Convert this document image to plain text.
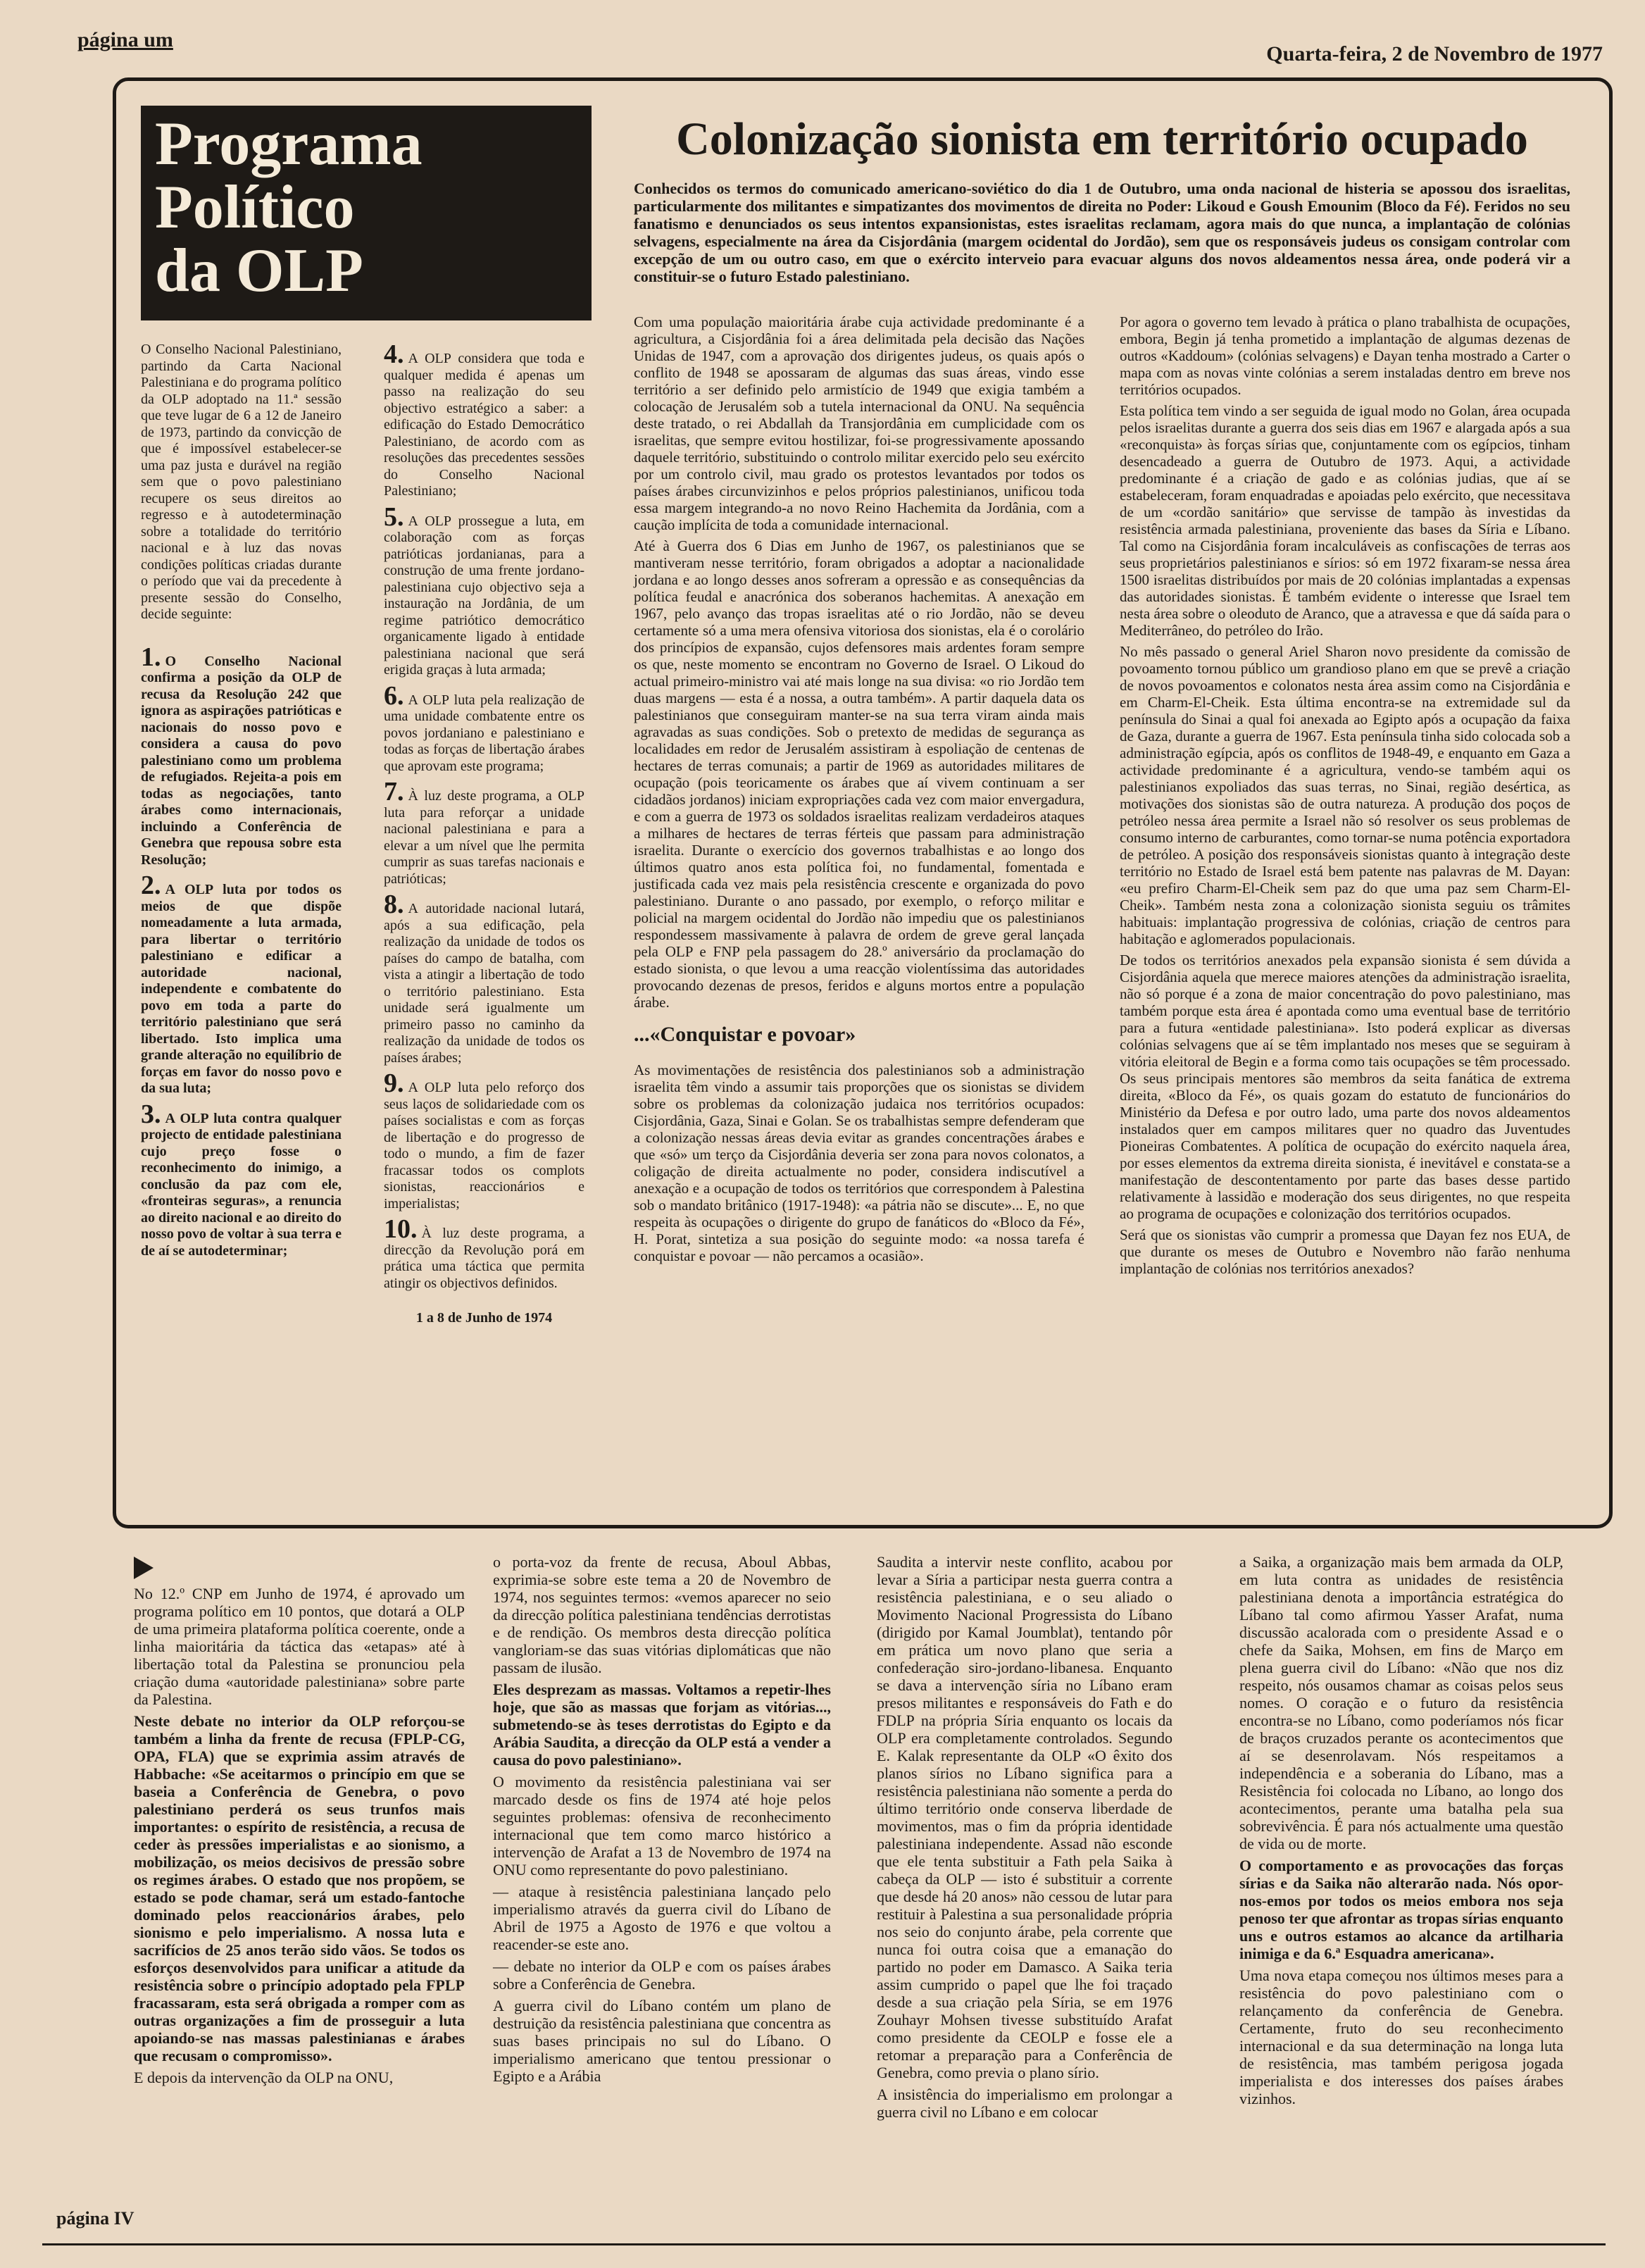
página um
Quarta-feira, 2 de Novembro de 1977
Programa
Político
da OLP
Colonização sionista em território ocupado
Conhecidos os termos do comunicado americano-soviético do dia 1 de Outubro, uma onda nacional de histeria se apossou dos israelitas, particularmente dos militantes e simpatizantes dos movimentos de direita no Poder: Likoud e Goush Emounim (Bloco da Fé). Feridos no seu fanatismo e denunciados os seus intentos expansionistas, estes israelitas reclamam, agora mais do que nunca, a implantação de colónias selvagens, especialmente na área da Cisjordânia (margem ocidental do Jordão), sem que os responsáveis judeus os consigam controlar com excepção de um ou outro caso, em que o exército interveio para evacuar alguns dos novos aldeamentos nessa área, onde poderá vir a constituir-se o futuro Estado palestiniano.

O Conselho Nacional Palestiniano, partindo da Carta Nacional Palestiniana e do programa político da OLP adoptado na 11.ª sessão que teve lugar de 6 a 12 de Janeiro de 1973, partindo da convicção de que é impossível estabelecer-se uma paz justa e durável na região sem que o povo palestiniano recupere os seus direitos ao regresso e à autodeterminação sobre a totalidade do território nacional e à luz das novas condições políticas criadas durante o período que vai da precedente à presente sessão do Conselho, decide seguinte:

1. O Conselho Nacional confirma a posição da OLP de recusa da Resolução 242 que ignora as aspirações patrióticas e nacionais do nosso povo e considera a causa do povo palestiniano como um problema de refugiados. Rejeita-a pois em todas as negociações, tanto árabes como internacionais, incluindo a Conferência de Genebra que repousa sobre esta Resolução;

2. A OLP luta por todos os meios de que dispõe nomeadamente a luta armada, para libertar o território palestiniano e edificar a autoridade nacional, independente e combatente do povo em toda a parte do território palestiniano que será libertado. Isto implica uma grande alteração no equilíbrio de forças em favor do nosso povo e da sua luta;

3. A OLP luta contra qualquer projecto de entidade palestiniana cujo preço fosse o reconhecimento do inimigo, a conclusão da paz com ele, «fronteiras seguras», a renuncia ao direito nacional e ao direito do nosso povo de voltar à sua terra e de aí se autodeterminar;

4. A OLP considera que toda e qualquer medida é apenas um passo na realização do seu objectivo estratégico a saber: a edificação do Estado Democrático Palestiniano, de acordo com as resoluções das precedentes sessões do Conselho Nacional Palestiniano;

5. A OLP prossegue a luta, em colaboração com as forças patrióticas jordanianas, para a construção de uma frente jordano-palestiniana cujo objectivo seja a instauração na Jordânia, de um regime patriótico democrático organicamente ligado à entidade palestiniana nacional que será erigida graças à luta armada;

6. A OLP luta pela realização de uma unidade combatente entre os povos jordaniano e palestiniano e todas as forças de libertação árabes que aprovam este programa;

7. À luz deste programa, a OLP luta para reforçar a unidade nacional palestiniana e para a elevar a um nível que lhe permita cumprir as suas tarefas nacionais e patrióticas;

8. A autoridade nacional lutará, após a sua edificação, pela realização da unidade de todos os países do campo de batalha, com vista a atingir a libertação de todo o território palestiniano. Esta unidade será igualmente um primeiro passo no caminho da realização da unidade de todos os países árabes;

9. A OLP luta pelo reforço dos seus laços de solidariedade com os países socialistas e com as forças de libertação e do progresso de todo o mundo, a fim de fazer fracassar todos os complots sionistas, reaccionários e imperialistas;

10. À luz deste programa, a direcção da Revolução porá em prática uma táctica que permita atingir os objectivos definidos.

1 a 8 de Junho de 1974

Com uma população maioritária árabe cuja actividade predominante é a agricultura, a Cisjordânia foi a área delimitada pela decisão das Nações Unidas de 1947, com a aprovação dos dirigentes judeus, os quais após o conflito de 1948 se apossaram de algumas das suas áreas, vindo esse território a ser definido pelo armistício de 1949 que exigia também a colocação de Jerusalém sob a tutela internacional da ONU. Na sequência deste tratado, o rei Abdallah da Transjordânia em cumplicidade com os israelitas, que sempre evitou hostilizar, foi-se progressivamente apossando daquele território, substituindo o controlo militar exercido pelo seu exército por um controlo civil, mau grado os protestos levantados por todos os países árabes circunvizinhos e pelos próprios palestinianos, unificou toda essa margem integrando-a no novo Reino Hachemita da Jordânia, com a caução implícita de toda a comunidade internacional.

Até à Guerra dos 6 Dias em Junho de 1967, os palestinianos que se mantiveram nesse território, foram obrigados a adoptar a nacionalidade jordana e ao longo desses anos sofreram a opressão e as consequências da política feudal e anacrónica dos soberanos hachemitas. A anexação em 1967, pelo avanço das tropas israelitas até o rio Jordão, não se deveu certamente só a uma mera ofensiva vitoriosa dos sionistas, ela é o corolário dos princípios de expansão, cujos defensores mais ardentes foram sempre os que, neste momento se encontram no Governo de Israel. O Likoud do actual primeiro-ministro vai até mais longe na sua divisa: «o rio Jordão tem duas margens — esta é a nossa, a outra também». A partir daquela data os palestinianos que conseguiram manter-se na sua terra viram ainda mais agravadas as suas condições. Sob o pretexto de medidas de segurança as localidades em redor de Jerusalém assistiram à espoliação de centenas de hectares de terras comunais; a partir de 1969 as autoridades militares de ocupação (pois teoricamente os árabes que aí vivem continuam a ser cidadãos jordanos) iniciam expropriações cada vez com maior envergadura, e com a guerra de 1973 os soldados israelitas realizam verdadeiros ataques a milhares de hectares de terras férteis que passam para administração israelita. Durante o exercício dos governos trabalhistas e ao longo dos últimos quatro anos esta política foi, no fundamental, fomentada e justificada cada vez mais pela resistência crescente e organizada do povo palestiniano. Durante o ano passado, por exemplo, o reforço militar e policial na margem ocidental do Jordão não impediu que os palestinianos respondessem massivamente à palavra de ordem de greve geral lançada pela OLP e FNP pela passagem do 28.º aniversário da proclamação do estado sionista, o que levou a uma reacção violentíssima das autoridades provocando dezenas de presos, feridos e alguns mortos entre a população árabe.

...«Conquistar e povoar»

As movimentações de resistência dos palestinianos sob a administração israelita têm vindo a assumir tais proporções que os sionistas se dividem sobre os problemas da colonização judaica nos territórios ocupados: Cisjordânia, Gaza, Sinai e Golan. Se os trabalhistas sempre defenderam que a colonização nessas áreas devia evitar as grandes concentrações árabes e que «só» um terço da Cisjordânia deveria ser zona para novos colonatos, a coligação de direita actualmente no poder, considera indiscutível a anexação e a ocupação de todos os territórios que correspondem à Palestina sob o mandato britânico (1917-1948): «a pátria não se discute»... E, no que respeita às ocupações o dirigente do grupo de fanáticos do «Bloco da Fé», H. Porat, sintetiza a sua posição do seguinte modo: «a nossa tarefa é conquistar e povoar — não percamos a ocasião».

Por agora o governo tem levado à prática o plano trabalhista de ocupações, embora, Begin já tenha prometido a implantação de algumas dezenas de outros «Kaddoum» (colónias selvagens) e Dayan tenha mostrado a Carter o mapa com as novas vinte colónias a serem instaladas dentro em breve nos territórios ocupados.

Esta política tem vindo a ser seguida de igual modo no Golan, área ocupada pelos israelitas durante a guerra dos seis dias em 1967 e alargada após a sua «reconquista» às forças sírias que, conjuntamente com os egípcios, tinham desencadeado a guerra de Outubro de 1973. Aqui, a actividade predominante é a criação de gado e as colónias judias, que aí se estabeleceram, foram enquadradas e apoiadas pelo exército, que necessitava de um «cordão sanitário» que servisse de tampão às investidas da resistência armada palestiniana, proveniente das bases da Síria e Líbano. Tal como na Cisjordânia foram incalculáveis as confiscações de terras aos seus proprietários palestinianos e sírios: só em 1972 fixaram-se nessa área 1500 israelitas distribuídos por mais de 20 colónias implantadas a expensas das autoridades sionistas. É também evidente o interesse que Israel tem nesta área sobre o oleoduto de Aranco, que a atravessa e que dá saída para o Mediterrâneo, do petróleo do Irão.

No mês passado o general Ariel Sharon novo presidente da comissão de povoamento tornou público um grandioso plano em que se prevê a criação de novos povoamentos e colonatos nesta área assim como na Cisjordânia e em Charm-El-Cheik. Esta última encontra-se na extremidade sul da península do Sinai a qual foi anexada ao Egipto após a ocupação da faixa de Gaza, durante a guerra de 1967. Esta península tinha sido colocada sob a administração egípcia, após os conflitos de 1948-49, e enquanto em Gaza a actividade predominante é a agricultura, vendo-se também aqui os palestinianos expoliados das suas terras, no Sinai, região desértica, as motivações dos sionistas são de outra natureza. A produção dos poços de petróleo nessa área permite a Israel não só resolver os seus problemas de consumo interno de carburantes, como tornar-se numa potência exportadora de petróleo. A posição dos responsáveis sionistas quanto à integração deste território no Estado de Israel está bem patente nas palavras de M. Dayan: «eu prefiro Charm-El-Cheik sem paz do que uma paz sem Charm-El-Cheik». Também nesta zona a colonização sionista seguiu os trâmites habituais: implantação progressiva de colónias, criação de centros para habitação e aglomerados populacionais.

De todos os territórios anexados pela expansão sionista é sem dúvida a Cisjordânia aquela que merece maiores atenções da administração israelita, não só porque é a zona de maior concentração do povo palestiniano, mas também porque esta área é apontada como uma eventual base de território para a futura «entidade palestiniana». Isto poderá explicar as diversas colónias selvagens que aí se têm implantado nos meses que se seguiram à vitória eleitoral de Begin e a forma como tais ocupações se têm processado. Os seus principais mentores são membros da seita fanática de extrema direita, «Bloco da Fé», os quais gozam do estatuto de funcionários do Ministério da Defesa e por outro lado, uma parte dos novos aldeamentos instalados quer em campos militares quer no quadro das Juventudes Pioneiras Combatentes. A política de ocupação do exército naquela área, por esses elementos da extrema direita sionista, é inevitável e constata-se a manifestação de descontentamento por parte das bases desse partido relativamente à lassidão e moderação dos seus dirigentes, no que respeita ao programa de ocupações e colonização dos territórios ocupados.

Será que os sionistas vão cumprir a promessa que Dayan fez nos EUA, de que durante os meses de Outubro e Novembro não farão nenhuma implantação de colónias nos territórios anexados?

No 12.º CNP em Junho de 1974, é aprovado um programa político em 10 pontos, que dotará a OLP de uma primeira plataforma política coerente, onde a linha maioritária da táctica das «etapas» até à libertação total da Palestina se pronunciou pela criação duma «autoridade palestiniana» sobre parte da Palestina.

Neste debate no interior da OLP reforçou-se também a linha da frente de recusa (FPLP-CG, OPA, FLA) que se exprimia assim através de Habbache: «Se aceitarmos o princípio em que se baseia a Conferência de Genebra, o povo palestiniano perderá os seus trunfos mais importantes: o espírito de resistência, a recusa de ceder às pressões imperialistas e ao sionismo, a mobilização, os meios decisivos de pressão sobre os regimes árabes. O estado que nos propõem, se estado se pode chamar, será um estado-fantoche dominado pelos reaccionários árabes, pelo sionismo e pelo imperialismo. A nossa luta e sacrifícios de 25 anos terão sido vãos. Se todos os esforços desenvolvidos para unificar a atitude da resistência sobre o princípio adoptado pela FPLP fracassaram, esta será obrigada a romper com as outras organizações a fim de prosseguir a luta apoiando-se nas massas palestinianas e árabes que recusam o compromisso».

E depois da intervenção da OLP na ONU,

o porta-voz da frente de recusa, Aboul Abbas, exprimia-se sobre este tema a 20 de Novembro de 1974, nos seguintes termos: «vemos aparecer no seio da direcção política palestiniana tendências derrotistas e de rendição. Os membros desta direcção política vangloriam-se das suas vitórias diplomáticas que não passam de ilusão.

Eles desprezam as massas. Voltamos a repetir-lhes hoje, que são as massas que forjam as vitórias..., submetendo-se às teses derrotistas do Egipto e da Arábia Saudita, a direcção da OLP está a vender a causa do povo palestiniano».

O movimento da resistência palestiniana vai ser marcado desde os fins de 1974 até hoje pelos seguintes problemas: ofensiva de reconhecimento internacional que tem como marco histórico a intervenção de Arafat a 13 de Novembro de 1974 na ONU como representante do povo palestiniano.

— ataque à resistência palestiniana lançado pelo imperialismo através da guerra civil do Líbano de Abril de 1975 a Agosto de 1976 e que voltou a reacender-se este ano.

— debate no interior da OLP e com os países árabes sobre a Conferência de Genebra.

A guerra civil do Líbano contém um plano de destruição da resistência palestiniana que concentra as suas bases principais no sul do Líbano. O imperialismo americano que tentou pressionar o Egipto e a Arábia

Saudita a intervir neste conflito, acabou por levar a Síria a participar nesta guerra contra a resistência palestiniana, e o seu aliado o Movimento Nacional Progressista do Líbano (dirigido por Kamal Joumblat), tentando pôr em prática um novo plano que seria a confederação siro-jordano-libanesa. Enquanto se dava a intervenção síria no Líbano eram presos militantes e responsáveis do Fath e do FDLP na própria Síria enquanto os locais da OLP era completamente controlados. Segundo E. Kalak representante da OLP «O êxito dos planos sírios no Líbano significa para a resistência palestiniana não somente a perda do último território onde conserva liberdade de movimentos, mas o fim da própria identidade palestiniana independente. Assad não esconde que ele tenta substituir a Fath pela Saika à cabeça da OLP — isto é substituir a corrente que desde há 20 anos» não cessou de lutar para restituir à Palestina a sua personalidade própria nos seio do conjunto árabe, pela corrente que nunca foi outra coisa que a emanação do partido no poder em Damasco. A Saika teria assim cumprido o papel que lhe foi traçado desde a sua criação pela Síria, se em 1976 Zouhayr Mohsen tivesse substituído Arafat como presidente da CEOLP e fosse ele a retomar a preparação para a Conferência de Genebra, como previa o plano sírio.

A insistência do imperialismo em prolongar a guerra civil no Líbano e em colocar

a Saika, a organização mais bem armada da OLP, em luta contra as unidades de resistência palestiniana denota a importância estratégica do Líbano tal como afirmou Yasser Arafat, numa discussão acalorada com o presidente Assad e o chefe da Saika, Mohsen, em fins de Março em plena guerra civil do Líbano: «Não que nos diz respeito, nós ousamos chamar as coisas pelos seus nomes. O coração e o futuro da resistência encontra-se no Líbano, como poderíamos nós ficar de braços cruzados perante os acontecimentos que aí se desenrolavam. Nós respeitamos a independência e a soberania do Líbano, mas a Resistência foi colocada no Líbano, ao longo dos acontecimentos, perante uma batalha pela sua sobrevivência. É para nós actualmente uma questão de vida ou de morte.

O comportamento e as provocações das forças sírias e da Saika não alterarão nada. Nós opor-nos-emos por todos os meios embora nos seja penoso ter que afrontar as tropas sírias enquanto uns e outros estamos ao alcance da artilharia inimiga e da 6.ª Esquadra americana».

Uma nova etapa começou nos últimos meses para a resistência do povo palestiniano com o relançamento da conferência de Genebra. Certamente, fruto do seu reconhecimento internacional e da sua determinação na longa luta de resistência, mas também perigosa jogada imperialista e dos interesses dos países árabes vizinhos.

página IV
